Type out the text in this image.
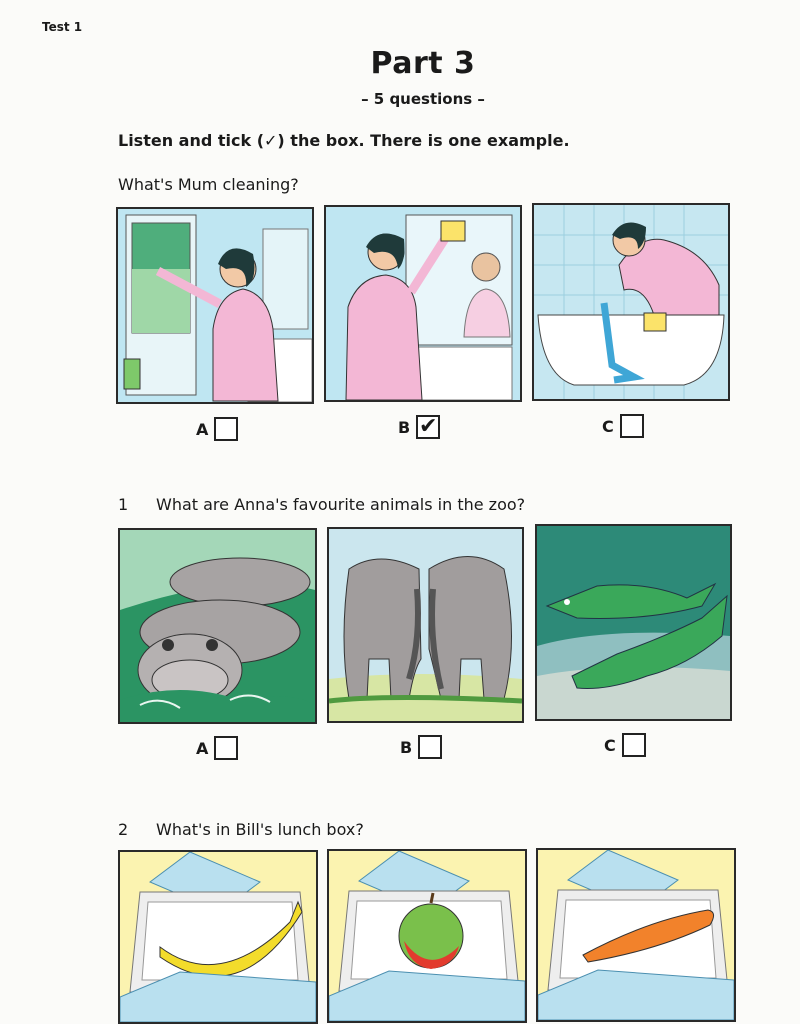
Test 1
Part 3
– 5 questions –
Listen and tick (✓) the box. There is one example.
What's Mum cleaning?
A	B ✔	C
1 What are Anna's favourite animals in the zoo?
A	B	C
2 What's in Bill's lunch box?
